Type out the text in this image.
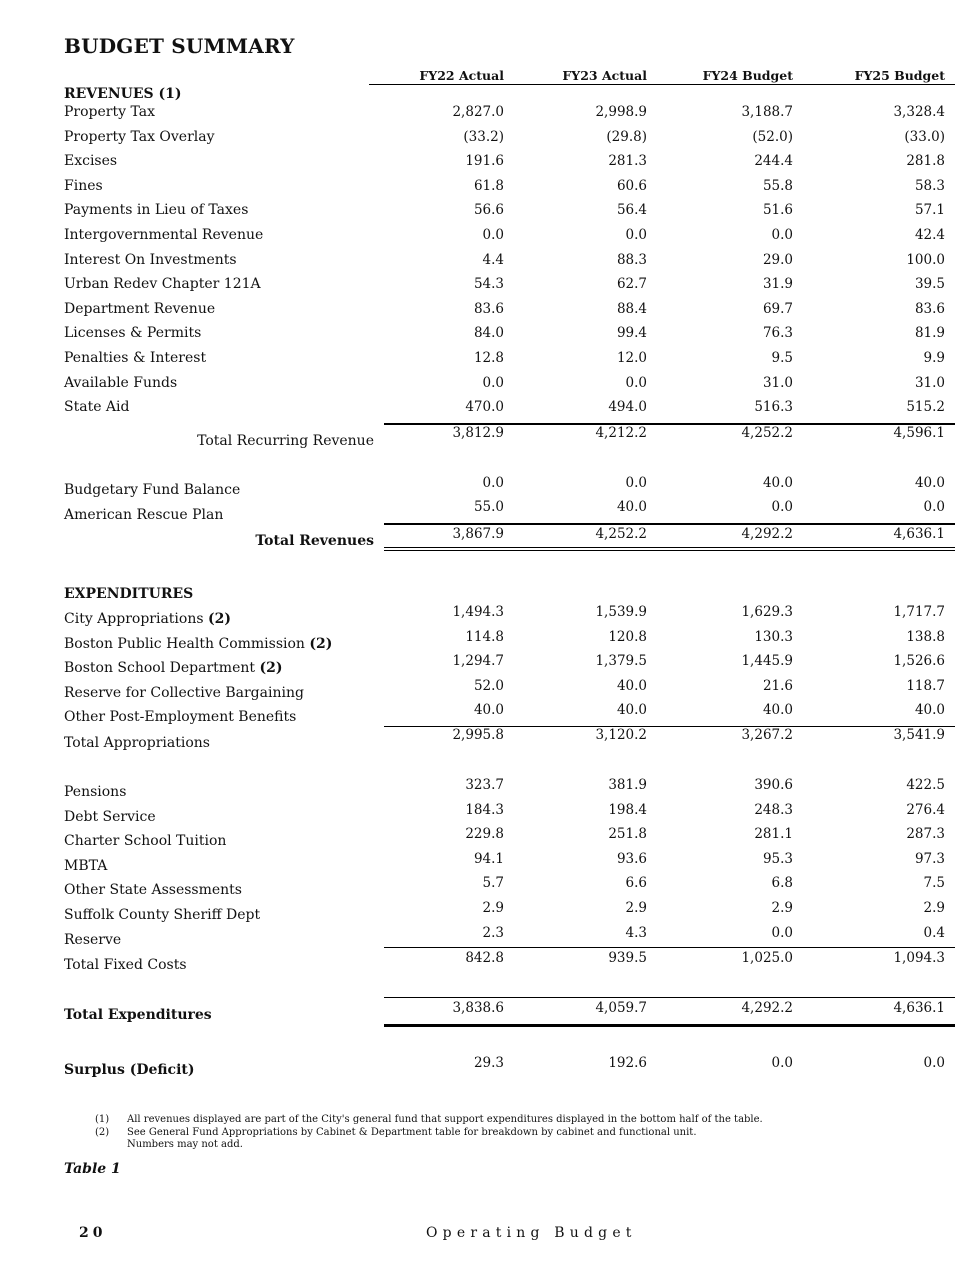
BUDGET SUMMARY
FY22 Actual	FY23 Actual	FY24 Budget	FY25 Budget
REVENUES (1)
Property Tax	2,827.0	2,998.9	3,188.7	3,328.4
Property Tax Overlay	(33.2)	(29.8)	(52.0)	(33.0)
Excises	191.6	281.3	244.4	281.8
Fines	61.8	60.6	55.8	58.3
Payments in Lieu of Taxes	56.6	56.4	51.6	57.1
Intergovernmental Revenue	0.0	0.0	0.0	42.4
Interest On Investments	4.4	88.3	29.0	100.0
Urban Redev Chapter 121A	54.3	62.7	31.9	39.5
Department Revenue	83.6	88.4	69.7	83.6
Licenses & Permits	84.0	99.4	76.3	81.9
Penalties & Interest	12.8	12.0	9.5	9.9
Available Funds	0.0	0.0	31.0	31.0
State Aid	470.0	494.0	516.3	515.2
Total Recurring Revenue	3,812.9	4,212.2	4,252.2	4,596.1
Budgetary Fund Balance	0.0	0.0	40.0	40.0
American Rescue Plan	55.0	40.0	0.0	0.0
Total Revenues	3,867.9	4,252.2	4,292.2	4,636.1
EXPENDITURES
City Appropriations (2)	1,494.3	1,539.9	1,629.3	1,717.7
Boston Public Health Commission (2)	114.8	120.8	130.3	138.8
Boston School Department (2)	1,294.7	1,379.5	1,445.9	1,526.6
Reserve for Collective Bargaining	52.0	40.0	21.6	118.7
Other Post-Employment Benefits	40.0	40.0	40.0	40.0
Total Appropriations	2,995.8	3,120.2	3,267.2	3,541.9
Pensions	323.7	381.9	390.6	422.5
Debt Service	184.3	198.4	248.3	276.4
Charter School Tuition	229.8	251.8	281.1	287.3
MBTA	94.1	93.6	95.3	97.3
Other State Assessments	5.7	6.6	6.8	7.5
Suffolk County Sheriff Dept	2.9	2.9	2.9	2.9
Reserve	2.3	4.3	0.0	0.4
Total Fixed Costs	842.8	939.5	1,025.0	1,094.3
Total Expenditures	3,838.6	4,059.7	4,292.2	4,636.1
Surplus (Deficit)	29.3	192.6	0.0	0.0
(1) All revenues displayed are part of the City's general fund that support expenditures displayed in the bottom half of the table.
(2) See General Fund Appropriations by Cabinet & Department table for breakdown by cabinet and functional unit.
Numbers may not add.
Table 1
20	Operating Budget
